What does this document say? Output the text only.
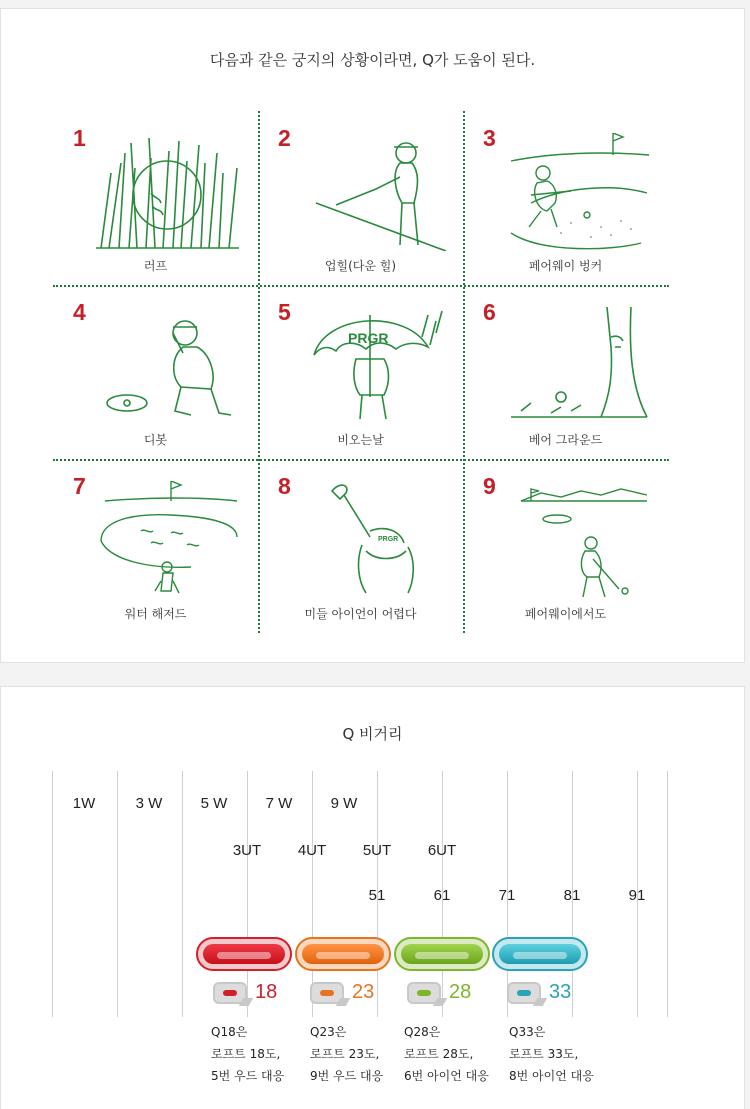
다음과 같은 궁지의 상황이라면, Q가 도움이 된다.
1
러프
2
업힐(다운 힐)
3
페어웨이 벙커
4
디봇
5
PRGR
비오는날
6
베어 그라운드
7
워터 해저드
8
PRGR
미들 아이언이 어렵다
9
페어웨이에서도
Q 비거리
1W	3 W	5 W	7 W	9 W
3UT 4UT 5UT 6UT
51	61	71	81	91
18	23	28	33
Q18은
로프트 18도,
5번 우드 대응
Q23은
로프트 23도,
9번 우드 대응
Q28은
로프트 28도,
6번 아이언 대응
Q33은
로프트 33도,
8번 아이언 대응
